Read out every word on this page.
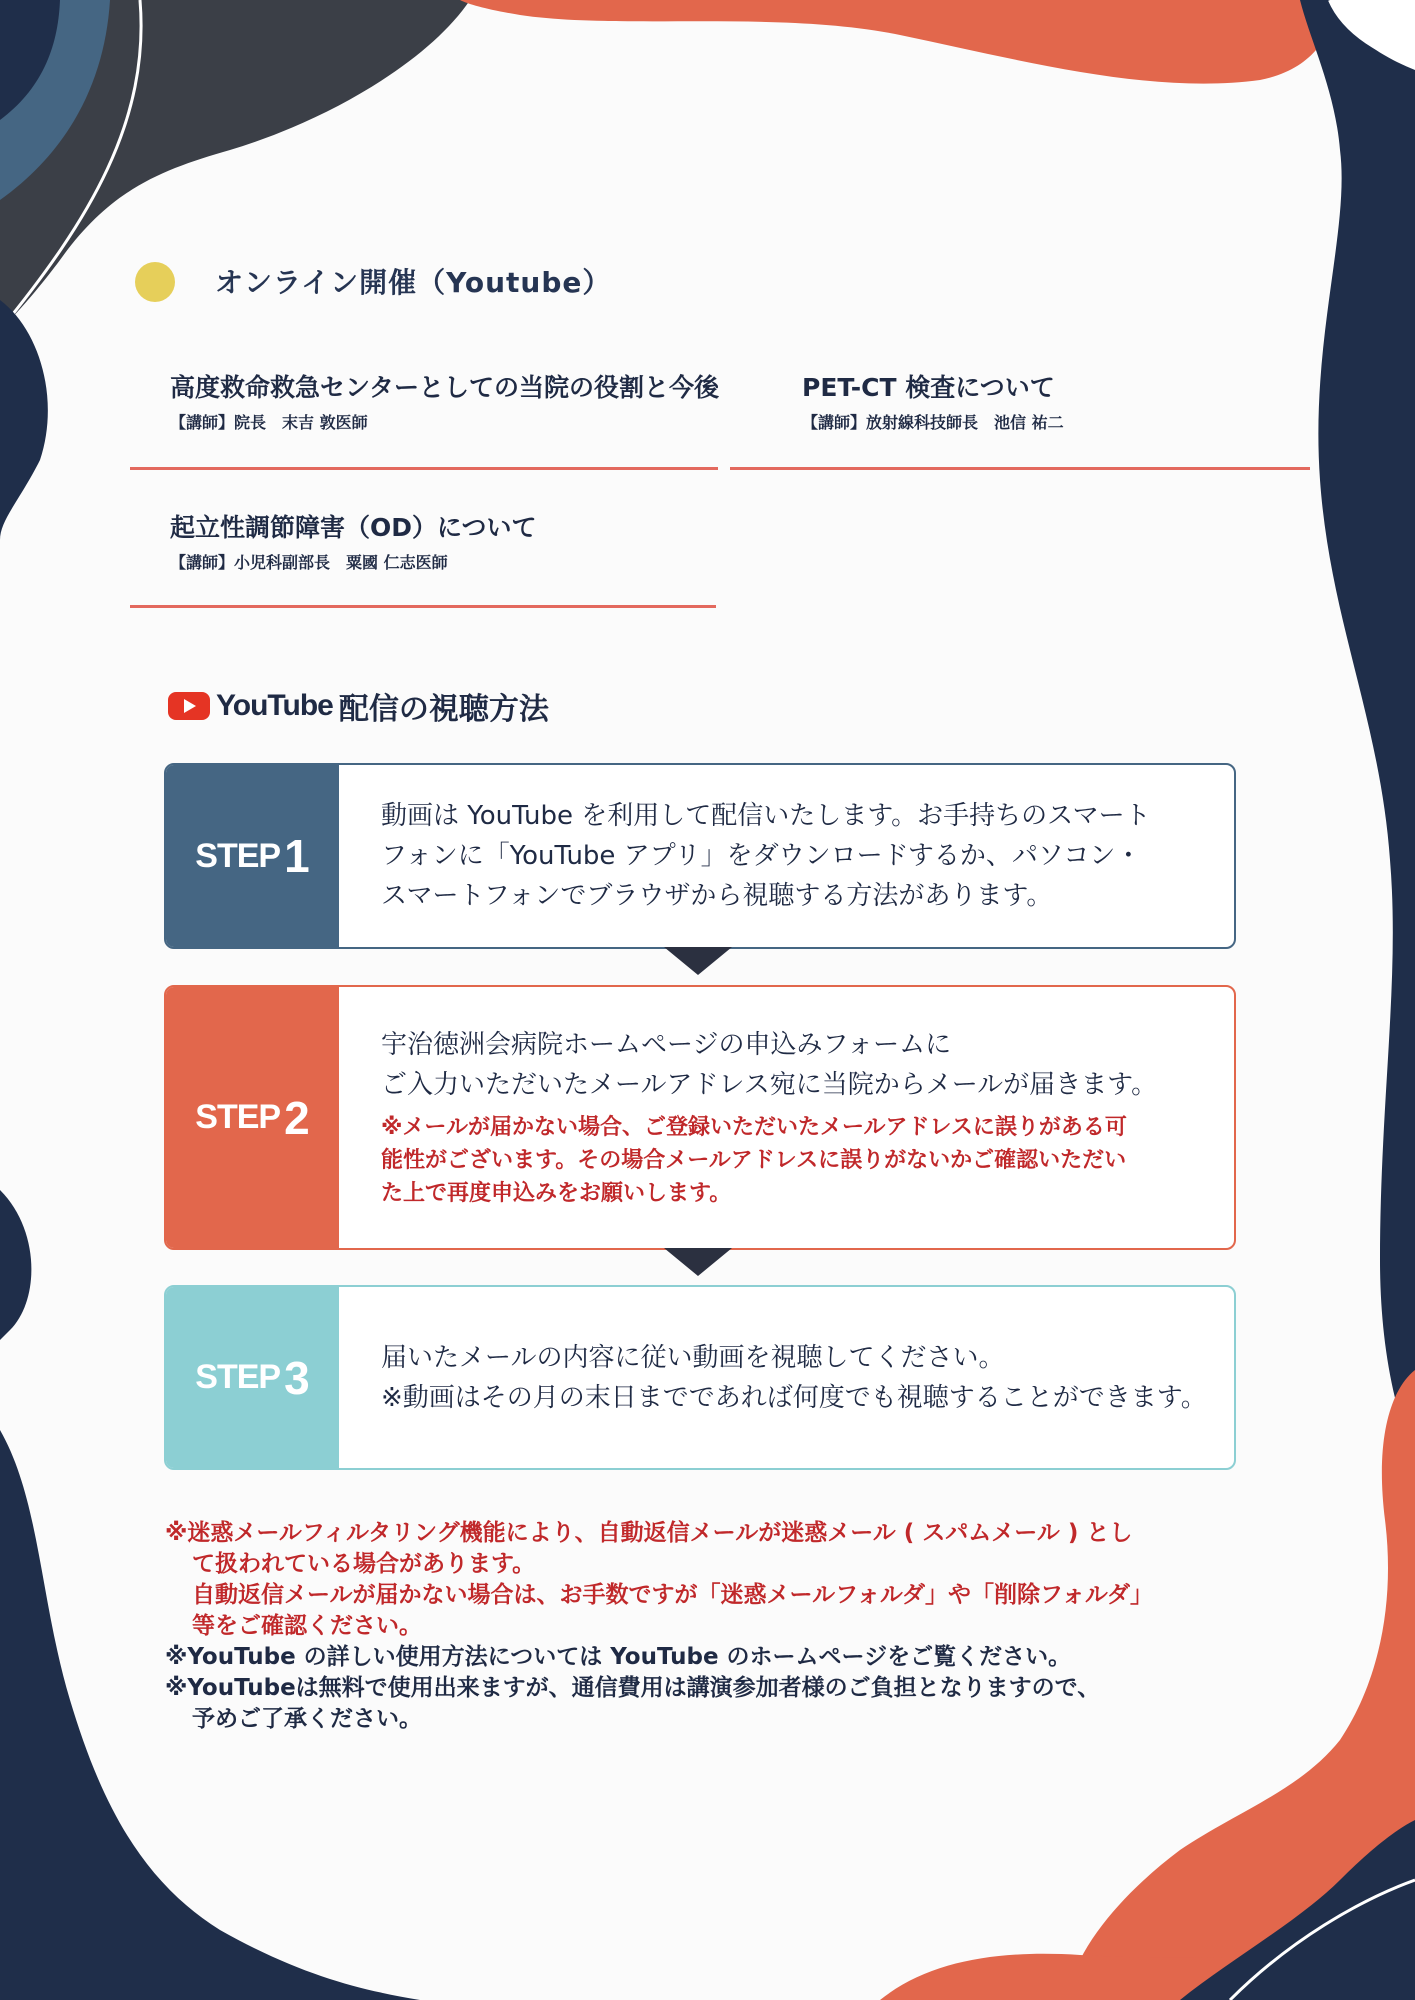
オンライン開催（Youtube）
高度救命救急センターとしての当院の役割と今後
【講師】院長　末吉 敦医師
PET-CT 検査について
【講師】放射線科技師長　池信 祐二
起立性調節障害（OD）について
【講師】小児科副部長　粟國 仁志医師
YouTube 配信の視聴方法
STEP 1
動画は YouTube を利用して配信いたします。お手持ちのスマート
フォンに「YouTube アプリ」をダウンロードするか、パソコン・
スマートフォンでブラウザから視聴する方法があります。
STEP 2
宇治徳洲会病院ホームページの申込みフォームに
ご入力いただいたメールアドレス宛に当院からメールが届きます。
※メールが届かない場合、ご登録いただいたメールアドレスに誤りがある可
能性がございます。その場合メールアドレスに誤りがないかご確認いただい
た上で再度申込みをお願いします。
STEP 3	届いたメールの内容に従い動画を視聴してください。
※動画はその月の末日までであれば何度でも視聴することができます。
※迷惑メールフィルタリング機能により、自動返信メールが迷惑メール ( スパムメール ) とし
て扱われている場合があります。
自動返信メールが届かない場合は、お手数ですが「迷惑メールフォルダ」や「削除フォルダ」
等をご確認ください。
※YouTube の詳しい使用方法については YouTube のホームページをご覧ください。
※YouTubeは無料で使用出来ますが、通信費用は講演参加者様のご負担となりますので、
予めご了承ください。
